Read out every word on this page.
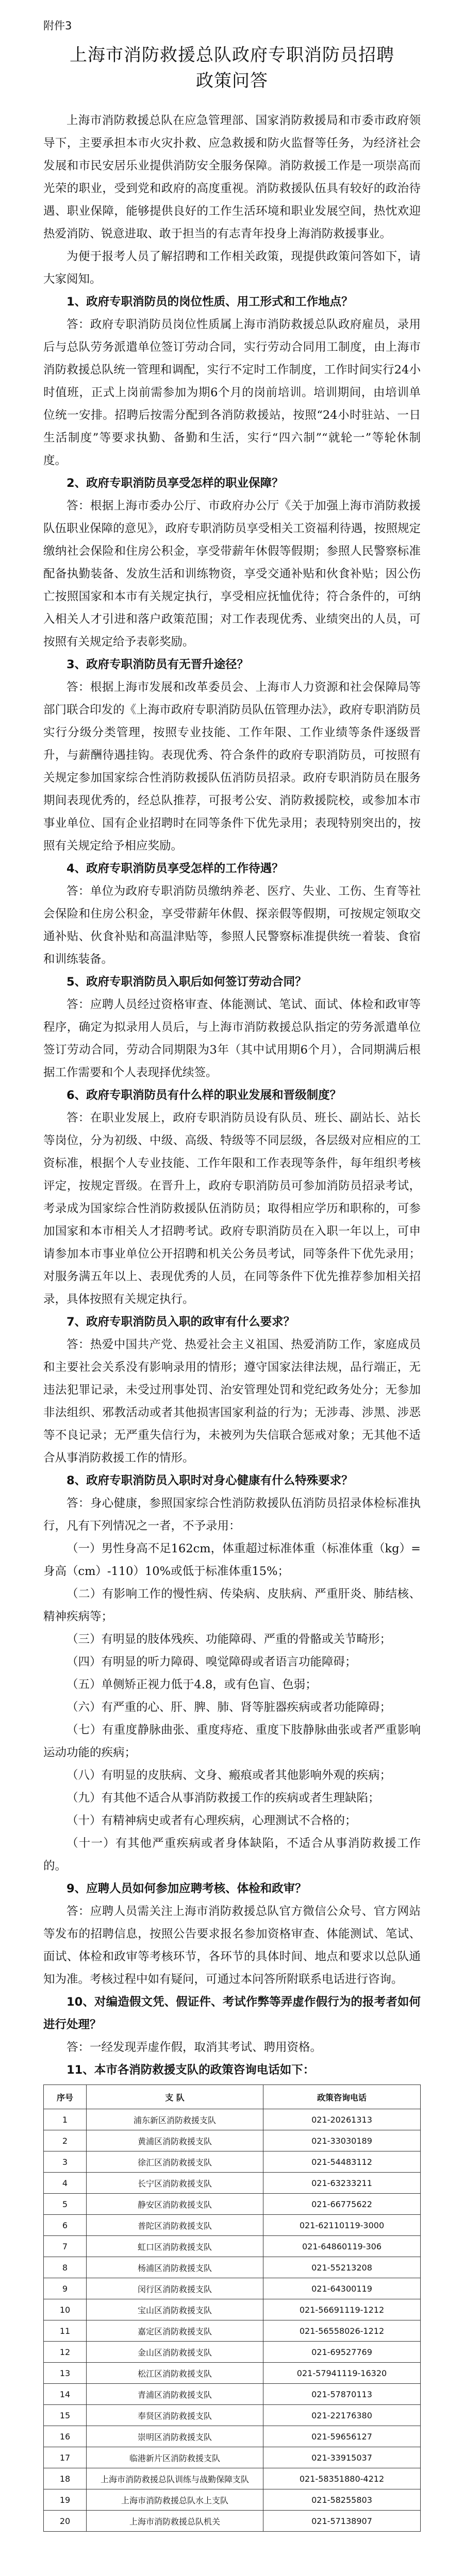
附件3
上海市消防救援总队政府专职消防员招聘
政策问答

上海市消防救援总队在应急管理部、国家消防救援局和市委市政府领导下，主要承担本市火灾扑救、应急救援和防火监督等任务，为经济社会发展和市民安居乐业提供消防安全服务保障。消防救援工作是一项崇高而光荣的职业，受到党和政府的高度重视。消防救援队伍具有较好的政治待遇、职业保障，能够提供良好的工作生活环境和职业发展空间，热忱欢迎热爱消防、锐意进取、敢于担当的有志青年投身上海消防救援事业。

为便于报考人员了解招聘和工作相关政策，现提供政策问答如下，请大家阅知。

1、政府专职消防员的岗位性质、用工形式和工作地点？

答：政府专职消防员岗位性质属上海市消防救援总队政府雇员，录用后与总队劳务派遣单位签订劳动合同，实行劳动合同用工制度，由上海市消防救援总队统一管理和调配，实行不定时工作制度，工作时间实行24小时值班，正式上岗前需参加为期6个月的岗前培训。培训期间，由培训单位统一安排。招聘后按需分配到各消防救援站，按照“24小时驻站、一日生活制度”等要求执勤、备勤和生活，实行“四六制”“就轮一”等轮休制度。

2、政府专职消防员享受怎样的职业保障？

答：根据上海市委办公厅、市政府办公厅《关于加强上海市消防救援队伍职业保障的意见》，政府专职消防员享受相关工资福利待遇，按照规定缴纳社会保险和住房公积金，享受带薪年休假等假期；参照人民警察标准配备执勤装备、发放生活和训练物资，享受交通补贴和伙食补贴；因公伤亡按照国家和本市有关规定执行，享受相应抚恤优待；符合条件的，可纳入相关人才引进和落户政策范围；对工作表现优秀、业绩突出的人员，可按照有关规定给予表彰奖励。

3、政府专职消防员有无晋升途径？

答：根据上海市发展和改革委员会、上海市人力资源和社会保障局等部门联合印发的《上海市政府专职消防员队伍管理办法》，政府专职消防员实行分级分类管理，按照专业技能、工作年限、工作业绩等条件逐级晋升，与薪酬待遇挂钩。表现优秀、符合条件的政府专职消防员，可按照有关规定参加国家综合性消防救援队伍消防员招录。政府专职消防员在服务期间表现优秀的，经总队推荐，可报考公安、消防救援院校，或参加本市事业单位、国有企业招聘时在同等条件下优先录用；表现特别突出的，按照有关规定给予相应奖励。

4、政府专职消防员享受怎样的工作待遇？

答：单位为政府专职消防员缴纳养老、医疗、失业、工伤、生育等社会保险和住房公积金，享受带薪年休假、探亲假等假期，可按规定领取交通补贴、伙食补贴和高温津贴等，参照人民警察标准提供统一着装、食宿和训练装备。

5、政府专职消防员入职后如何签订劳动合同？

答：应聘人员经过资格审查、体能测试、笔试、面试、体检和政审等程序，确定为拟录用人员后，与上海市消防救援总队指定的劳务派遣单位签订劳动合同，劳动合同期限为3年（其中试用期6个月），合同期满后根据工作需要和个人表现择优续签。

6、政府专职消防员有什么样的职业发展和晋级制度？

答：在职业发展上，政府专职消防员设有队员、班长、副站长、站长等岗位，分为初级、中级、高级、特级等不同层级，各层级对应相应的工资标准，根据个人专业技能、工作年限和工作表现等条件，每年组织考核评定，按规定晋级。在晋升上，政府专职消防员可参加消防员招录考试，考录成为国家综合性消防救援队伍消防员；取得相应学历和职称的，可参加国家和本市相关人才招聘考试。政府专职消防员在入职一年以上，可申请参加本市事业单位公开招聘和机关公务员考试，同等条件下优先录用；对服务满五年以上、表现优秀的人员，在同等条件下优先推荐参加相关招录，具体按照有关规定执行。

7、政府专职消防员入职的政审有什么要求？

答：热爱中国共产党、热爱社会主义祖国、热爱消防工作，家庭成员和主要社会关系没有影响录用的情形；遵守国家法律法规，品行端正，无违法犯罪记录，未受过刑事处罚、治安管理处罚和党纪政务处分；无参加非法组织、邪教活动或者其他损害国家利益的行为；无涉毒、涉黑、涉恶等不良记录；无严重失信行为，未被列为失信联合惩戒对象；无其他不适合从事消防救援工作的情形。

8、政府专职消防员入职时对身心健康有什么特殊要求？

答：身心健康，参照国家综合性消防救援队伍消防员招录体检标准执行，凡有下列情况之一者，不予录用：

（一）男性身高不足162cm，体重超过标准体重（标准体重（kg）=身高（cm）-110）10%或低于标准体重15%；

（二）有影响工作的慢性病、传染病、皮肤病、严重肝炎、肺结核、精神疾病等；

（三）有明显的肢体残疾、功能障碍、严重的骨骼或关节畸形；

（四）有明显的听力障碍、嗅觉障碍或者语言功能障碍；

（五）单侧矫正视力低于4.8，或有色盲、色弱；

（六）有严重的心、肝、脾、肺、肾等脏器疾病或者功能障碍；

（七）有重度静脉曲张、重度痔疮、重度下肢静脉曲张或者严重影响运动功能的疾病；

（八）有明显的皮肤病、文身、瘢痕或者其他影响外观的疾病；

（九）有其他不适合从事消防救援工作的疾病或者生理缺陷；

（十）有精神病史或者有心理疾病，心理测试不合格的；

（十一）有其他严重疾病或者身体缺陷，不适合从事消防救援工作的。

9、应聘人员如何参加应聘考核、体检和政审？

答：应聘人员需关注上海市消防救援总队官方微信公众号、官方网站等发布的招聘信息，按照公告要求报名参加资格审查、体能测试、笔试、面试、体检和政审等考核环节，各环节的具体时间、地点和要求以总队通知为准。考核过程中如有疑问，可通过本问答所附联系电话进行咨询。

10、对编造假文凭、假证件、考试作弊等弄虚作假行为的报考者如何进行处理？

答：一经发现弄虚作假，取消其考试、聘用资格。

11、本市各消防救援支队的政策咨询电话如下：

序号	支 队	政策咨询电话
1	浦东新区消防救援支队	021-20261313
2	黄浦区消防救援支队	021-33030189
3	徐汇区消防救援支队	021-54483112
4	长宁区消防救援支队	021-63233211
5	静安区消防救援支队	021-66775622
6	普陀区消防救援支队	021-62110119-3000
7	虹口区消防救援支队	021-64860119-306
8	杨浦区消防救援支队	021-55213208
9	闵行区消防救援支队	021-64300119
10	宝山区消防救援支队	021-56691119-1212
11	嘉定区消防救援支队	021-56558026-1212
12	金山区消防救援支队	021-69527769
13	松江区消防救援支队	021-57941119-16320
14	青浦区消防救援支队	021-57870113
15	奉贤区消防救援支队	021-22176380
16	崇明区消防救援支队	021-59656127
17	临港新片区消防救援支队	021-33915037
18	上海市消防救援总队训练与战勤保障支队	021-58351880-4212
19	上海市消防救援总队水上支队	021-58255803
20	上海市消防救援总队机关	021-57138907
